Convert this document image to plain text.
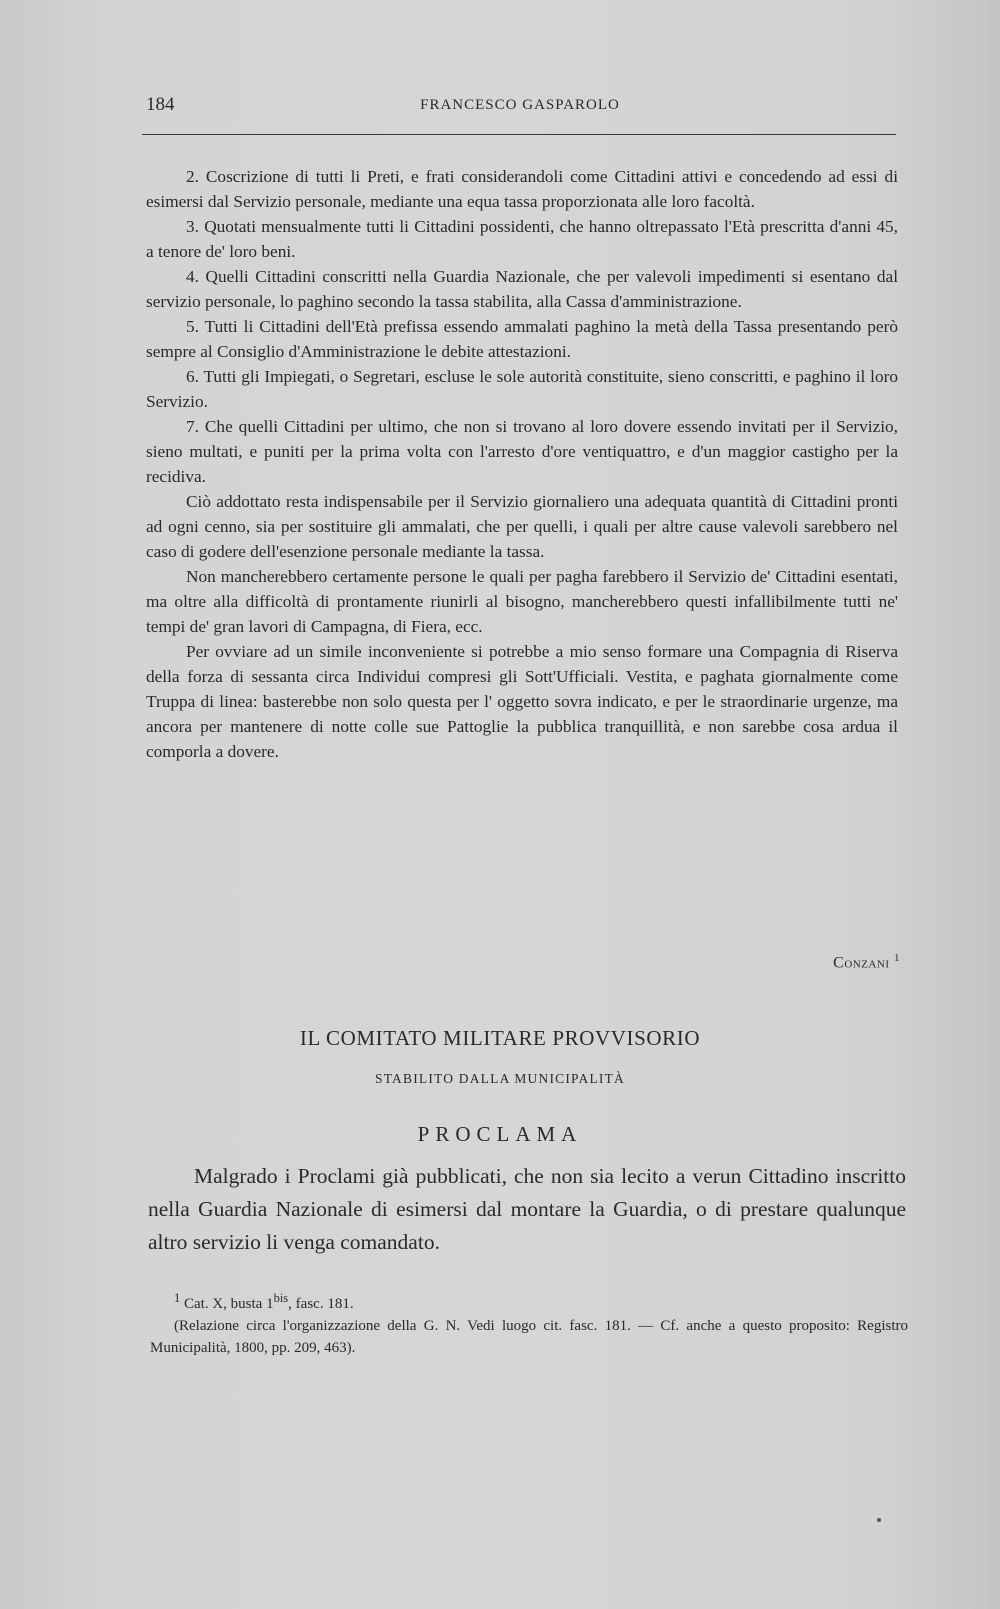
184	FRANCESCO GASPAROLO

2. Coscrizione di tutti li Preti, e frati considerandoli come Cittadini attivi e concedendo ad essi di esimersi dal Servizio personale, mediante una equa tassa proporzionata alle loro facoltà.

3. Quotati mensualmente tutti li Cittadini possidenti, che hanno oltrepassato l'Età prescritta d'anni 45, a tenore de' loro beni.

4. Quelli Cittadini conscritti nella Guardia Nazionale, che per valevoli impedimenti si esentano dal servizio personale, lo paghino secondo la tassa stabilita, alla Cassa d'amministrazione.

5. Tutti li Cittadini dell'Età prefissa essendo ammalati paghino la metà della Tassa presentando però sempre al Consiglio d'Amministrazione le debite attestazioni.

6. Tutti gli Impiegati, o Segretari, escluse le sole autorità constituite, sieno conscritti, e paghino il loro Servizio.

7. Che quelli Cittadini per ultimo, che non si trovano al loro dovere essendo invitati per il Servizio, sieno multati, e puniti per la prima volta con l'arresto d'ore ventiquattro, e d'un maggior castigho per la recidiva.

Ciò addottato resta indispensabile per il Servizio giornaliero una adequata quantità di Cittadini pronti ad ogni cenno, sia per sostituire gli ammalati, che per quelli, i quali per altre cause valevoli sarebbero nel caso di godere dell'esenzione personale mediante la tassa.

Non mancherebbero certamente persone le quali per pagha farebbero il Servizio de' Cittadini esentati, ma oltre alla difficoltà di prontamente riunirli al bisogno, mancherebbero questi infallibilmente tutti ne' tempi de' gran lavori di Campagna, di Fiera, ecc.

Per ovviare ad un simile inconveniente si potrebbe a mio senso formare una Compagnia di Riserva della forza di sessanta circa Individui compresi gli Sott'Ufficiali. Vestita, e paghata giornalmente come Truppa di linea: basterebbe non solo questa per l' oggetto sovra indicato, e per le straordinarie urgenze, ma ancora per mantenere di notte colle sue Pattoglie la pubblica tranquillità, e non sarebbe cosa ardua il comporla a dovere.

Conzani $^1$
IL COMITATO MILITARE PROVVISORIO
STABILITO DALLA MUNICIPALITÀ
PROCLAMA

Malgrado i Proclami già pubblicati, che non sia lecito a verun Cittadino inscritto nella Guardia Nazionale di esimersi dal montare la Guardia, o di prestare qualunque altro servizio li venga comandato.

$^1$ Cat. X, busta $1^{bis}$, fasc. 181.

(Relazione circa l'organizzazione della G. N. Vedi luogo cit. fasc. 181. — Cf. anche a questo proposito: Registro Municipalità, 1800, pp. 209, 463).
